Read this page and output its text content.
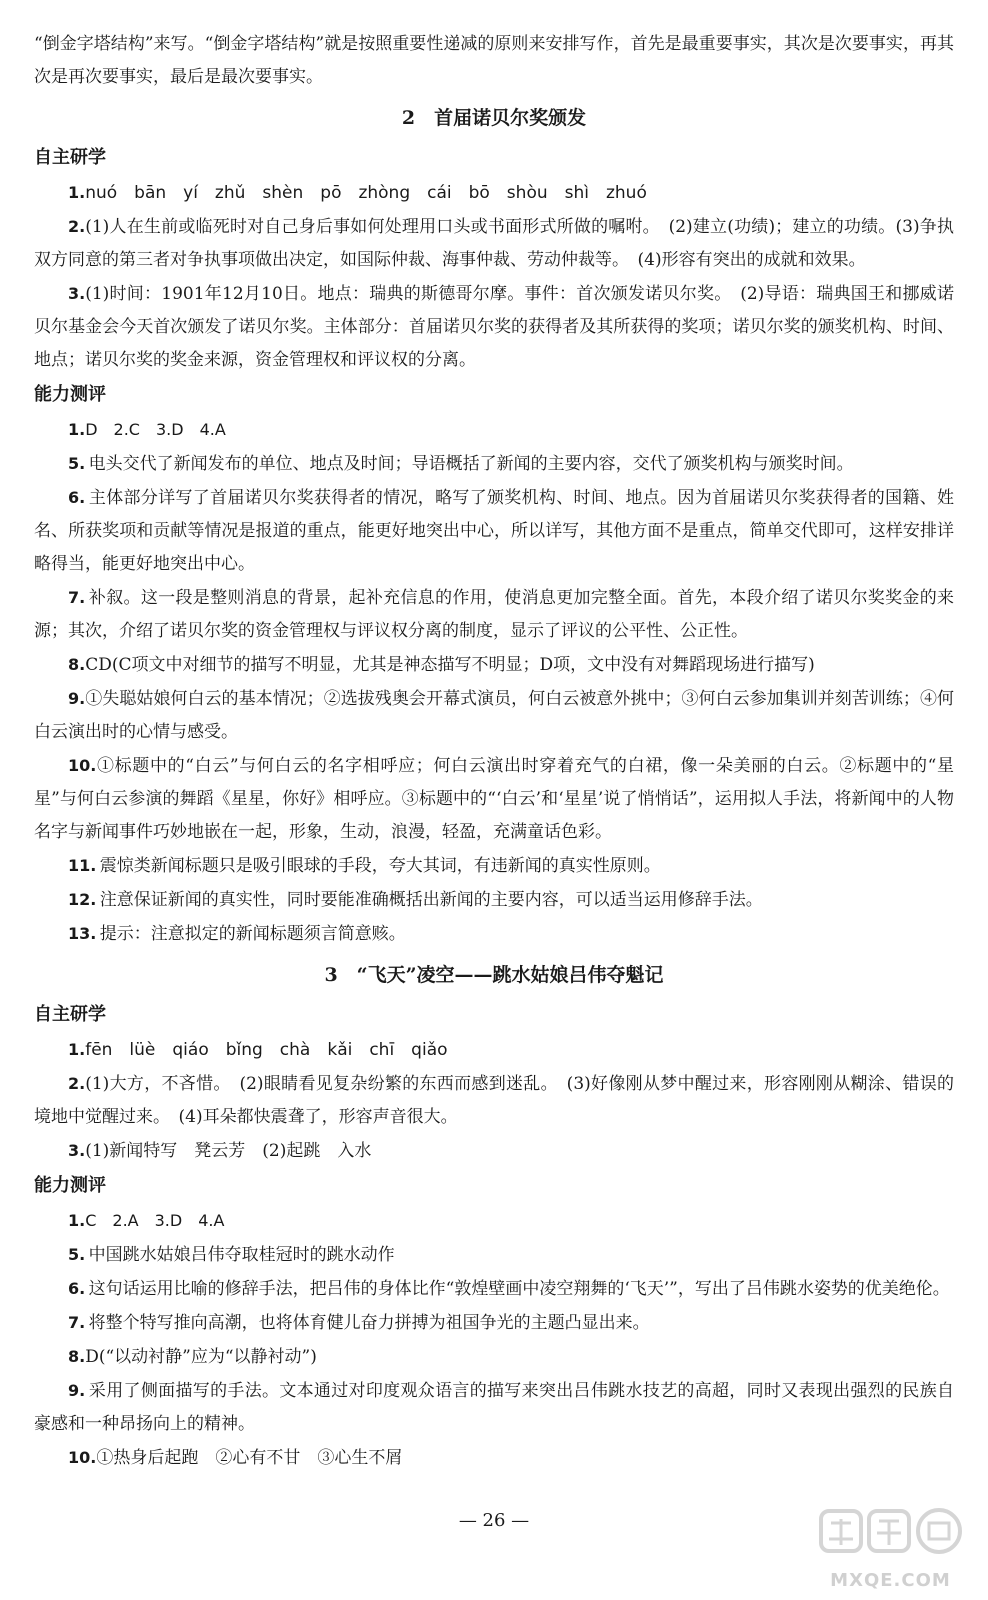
“倒金字塔结构”来写。“倒金字塔结构”就是按照重要性递减的原则来安排写作，首先是最重要事实，其次是次要事实，再其次是再次要事实，最后是最次要事实。

2　首届诺贝尔奖颁发
自主研学

1.nuó　bān　yí　zhǔ　shèn　pō　zhòng　cái　bō　shòu　shì　zhuó

2.(1)人在生前或临死时对自己身后事如何处理用口头或书面形式所做的嘱咐。　(2)建立(功绩)；建立的功绩。(3)争执双方同意的第三者对争执事项做出决定，如国际仲裁、海事仲裁、劳动仲裁等。　(4)形容有突出的成就和效果。

3.(1)时间：1901年12月10日。地点：瑞典的斯德哥尔摩。事件：首次颁发诺贝尔奖。　(2)导语：瑞典国王和挪威诺贝尔基金会今天首次颁发了诺贝尔奖。主体部分：首届诺贝尔奖的获得者及其所获得的奖项；诺贝尔奖的颁奖机构、时间、地点；诺贝尔奖的奖金来源，资金管理权和评议权的分离。

能力测评

1.D　2.C　3.D　4.A

5.  电头交代了新闻发布的单位、地点及时间；导语概括了新闻的主要内容，交代了颁奖机构与颁奖时间。

6.  主体部分详写了首届诺贝尔奖获得者的情况，略写了颁奖机构、时间、地点。因为首届诺贝尔奖获得者的国籍、姓名、所获奖项和贡献等情况是报道的重点，能更好地突出中心，所以详写，其他方面不是重点，简单交代即可，这样安排详略得当，能更好地突出中心。

7.  补叙。这一段是整则消息的背景，起补充信息的作用，使消息更加完整全面。首先，本段介绍了诺贝尔奖奖金的来源；其次，介绍了诺贝尔奖的资金管理权与评议权分离的制度，显示了评议的公平性、公正性。

8.CD(C项文中对细节的描写不明显，尤其是神态描写不明显；D项，文中没有对舞蹈现场进行描写)

9.①失聪姑娘何白云的基本情况；②选拔残奥会开幕式演员，何白云被意外挑中；③何白云参加集训并刻苦训练；④何白云演出时的心情与感受。

10.①标题中的“白云”与何白云的名字相呼应；何白云演出时穿着充气的白裙，像一朵美丽的白云。②标题中的“星星”与何白云参演的舞蹈《星星，你好》相呼应。③标题中的“‘白云’和‘星星’说了悄悄话”，运用拟人手法，将新闻中的人物名字与新闻事件巧妙地嵌在一起，形象，生动，浪漫，轻盈，充满童话色彩。

11.  震惊类新闻标题只是吸引眼球的手段，夸大其词，有违新闻的真实性原则。

12.  注意保证新闻的真实性，同时要能准确概括出新闻的主要内容，可以适当运用修辞手法。

13.  提示：注意拟定的新闻标题须言简意赅。

3　“飞天”凌空——跳水姑娘吕伟夺魁记
自主研学

1.fēn　lüè　qiáo　bǐng　chà　kǎi　chī　qiǎo

2.(1)大方，不吝惜。　(2)眼睛看见复杂纷繁的东西而感到迷乱。　(3)好像刚从梦中醒过来，形容刚刚从糊涂、错误的境地中觉醒过来。　(4)耳朵都快震聋了，形容声音很大。

3.(1)新闻特写　凳云芳　(2)起跳　入水

能力测评

1.C　2.A　3.D　4.A

5.  中国跳水姑娘吕伟夺取桂冠时的跳水动作

6.  这句话运用比喻的修辞手法，把吕伟的身体比作“敦煌壁画中凌空翔舞的‘飞天’”，写出了吕伟跳水姿势的优美绝伦。

7.  将整个特写推向高潮，也将体育健儿奋力拼搏为祖国争光的主题凸显出来。

8.D(“以动衬静”应为“以静衬动”)

9.  采用了侧面描写的手法。文本通过对印度观众语言的描写来突出吕伟跳水技艺的高超，同时又表现出强烈的民族自豪感和一种昂扬向上的精神。

10.①热身后起跑　②心有不甘　③心生不屑

— 26 —
MXQE.COM
